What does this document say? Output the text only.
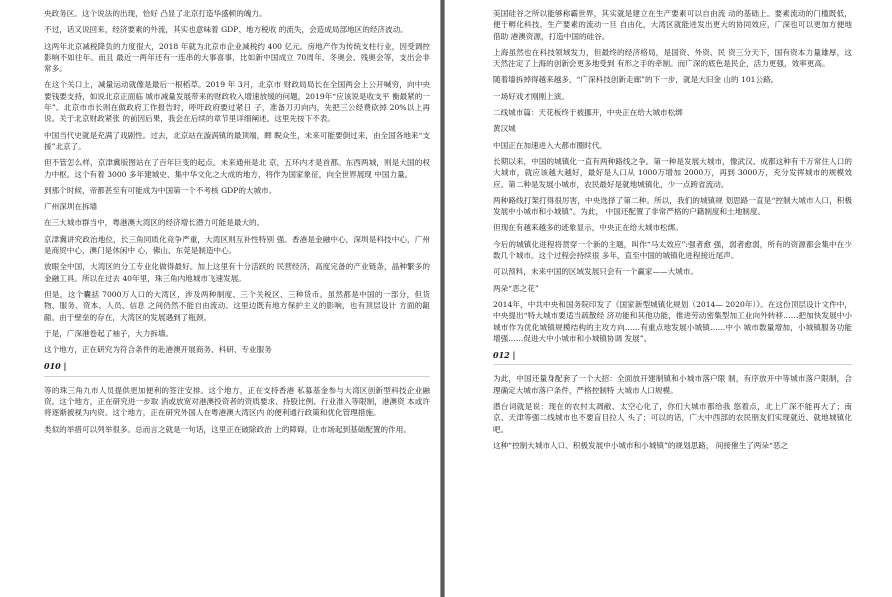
央政务区。这个说法的出现，恰好 凸显了北京打造华盛顿的魄力。
不过，话又说回来，经济要素的外流，其实也意味着 GDP、地方税收 的流失，会造成局部地区的经济波动。
这两年北京减税降负的力度很大，2018 年就为北京市企业减税约 400 亿元。房地产作为传统支柱行业，因受调控影响不如往年。而且 最近一两年还有一连串的大事喜事，比如新中国成立 70周年、冬奥会、残奥会等，支出会非常多。
在这个关口上，减量运动就像是最后一根稻草。2019 年 3月，北京市 财政局局长在全国两会上公开喊穷，向中央要钱要支持，如说北京正面临 城市减量发展带来的财政收入增速放缓的问题，2019年“应该说是收支平 衡最紧的一年”。北京市市长则在做政府工作报告时，呼吁政府要过紧日 子，准备刀刃向内，先把三公经费砍掉 20%以上再说。关于北京财政紧张 的前因后果，我会在后续的章节里详细阐述。这里先按下不表。
中国当代史就是充满了戏剧性。过去，北京站在漩涡镇的最顶端，睥 睨众生，未来可能要倒过来，由全国各地来“支援”北京了。
但不管怎么样，京津冀版图站在了百年巨变的起点。未来通州是北 京，五环内才是首都。东西两城，则是大国的权力中枢。这个有着 3000 多年建城史、集中华文化之大成的地方，将作为国家象征，向全世界展现 中国力量。
到那个时候，帝都甚至有可能成为中国第一个不考核 GDP的大城市。
广州深圳在拆墙
在三大城市群当中，粤港澳大湾区的经济增长潜力可能是最大的。
京津冀讲究政治地位，长三角同质化竞争严重，大湾区则互补性特别 强。香港是金融中心，深圳是科技中心，广州是商贸中心，澳门是休闲中 心，佛山、东莞是制造中心。
放眼全中国，大湾区的分工专业化做得最好。加上这里有十分活跃的 民营经济，高度完备的产业链条，晶种繁多的金融工具。所以在过去 40年里，珠三角内地城市飞速发展。
但是，这个囊括 7000万人口的大湾区，涉及两种制度、三个关税区、三种货币。虽然都是中国的一部分，但货物、服务、资本、人员、信息 之间仍然不能自由流动。这里边既有地方保护主义的影响，也有顶层设计 方面的龃龉。由于壁垒的存在，大湾区的发展遇到了瓶颈。
于是，广深港卷起了袖子，大力拆墙。
这个地方，正在研究为符合条件的赴港澳开展商务、科研、专业服务
010 |
等的珠三角九市人员提供更加便利的签注安排。这个地方，正在支持香港 私募基金参与大湾区创新型科技企业融资。这个地方，正在研究进一步取 消或放宽对港澳投资者的资质要求、持股比例、行业准入等限制，港澳资 本或许将逐渐被视为内资。这个地方，正在研究外国人在粤港澳大湾区内 的便利通行政策和优化管理措施。
类似的举措可以列举很多。总而言之就是一句话，这里正在破除政治 上的障碍，让市场起到基础配置的作用。
美国硅谷之所以能够称霸世界，其实就是建立在生产要素可以自由流 动的基础上。要素流动的门槛既低，便于孵化科技。生产要素的流动一旦 自由化，大湾区就能迸发出更大的协同效应，广深也可以更加方便地借助 港澳资源，打造中国的硅谷。
上海虽然也在科技领域发力，但最终的经济格局，是国资、外资、民 资三分天下，国有资本力量雄厚，这天然注定了上海的创新会更多地受到 有形之手的牵制。而广深的底色是民企，活力更强，效率更高。
随着墙拆掉得越来越多，“广深科技创新走廊”的下一步，就是大旧金 山的 101公路。
一场好戏才刚刚上演。
二线城市篇：天花板终于被挪开，中央正在给大城市松绑
黄汉城
中国正在加速进入大都市圈时代。
长期以来，中国的城镇化一直有两种路线之争。第一种是发展大城市，像武汉、成都这种有千万常住人口的大城市，就应该越大越好，最好是人口从 1000万增加 2000万，再到 3000万，充分发挥城市的规模效应。第二种是发展小城市，农民最好是就地城镇化，少一点跨省流动。
两种路线打架打得很厉害，中央选择了第二种。所以，我们的城镇规 划思路一直是“控制大城市人口，积极发展中小城市和小城镇”。为此， 中国还配置了非常严格的户籍制度和土地制度。
但现在有越来越多的迹象显示，中央正在给大城市松绑。
今后的城镇化进程将贯穿一个新的主题，叫作“马太效应”:强者愈 强，弱者愈弱，所有的资源都会集中在少数几个城市。这个过程会持续很 多年，直至中国的城镇化进程接近尾声。
可以预料，未来中国的区域发展只会有一个赢家——大城市。
两朵“恶之花”
2014年，中共中央和国务院印发了《国家新型城镇化规划（2014— 2020年）》。在这份顶层设计文件中，中央提出“特大城市要适当疏散经 济功能和其他功能，推进劳动密集型加工业向外转移……把加快发展中小 城市作为优化城镇规模结构的主攻方向……有重点地发展小城镇……中小 城市数量增加，小城镇服务功能增强……促进大中小城市和小城镇协调 发展”。
012 |
为此，中国还量身配套了一个大招：全面放开建制镇和小城市落户限 制，有序放开中等城市落户限制，合理确定大城市落户条件，严格控制特 大城市人口规模。
潜台词就是说：现在的农村太凋敝、太空心化了，你们大城市都给我 悠着点，北上广深不能再大了；南京、天津等强二线城市也不要盲目拉人 头了；可以的话，广大中西部的农民朋友们实现就近、就地城镇化吧。
这种“控制大城市人口、积极发展中小城市和小城镇”的规划思路， 间接催生了两朵“恶之
